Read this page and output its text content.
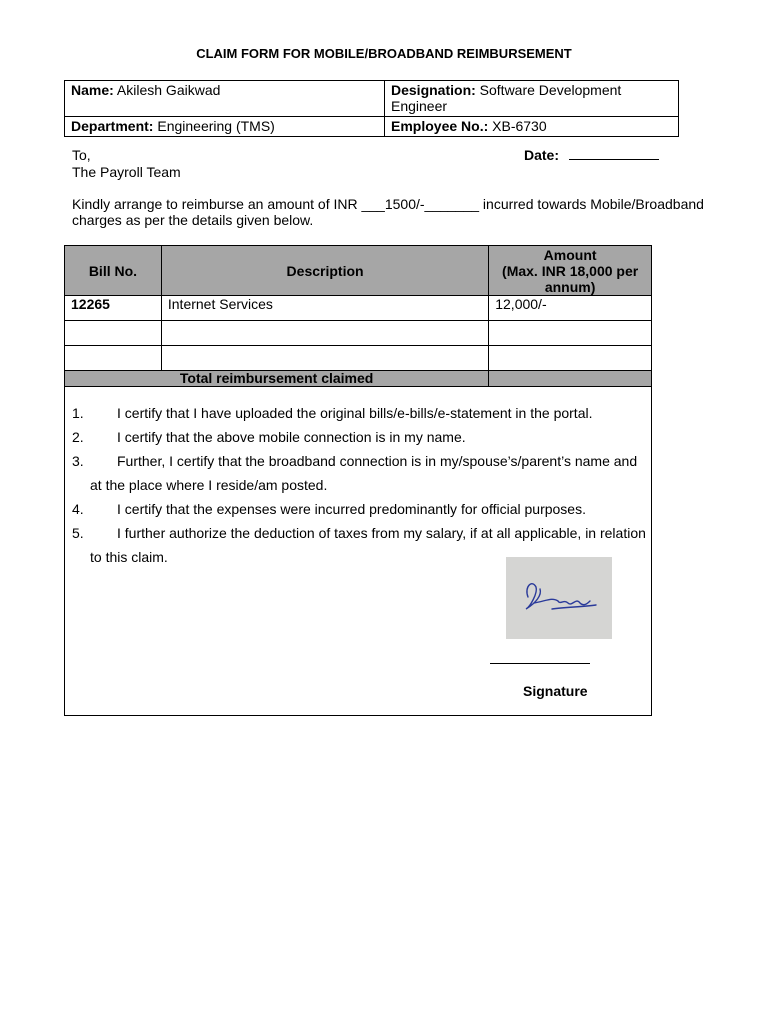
CLAIM FORM FOR MOBILE/BROADBAND REIMBURSEMENT
Name: Akilesh Gaikwad	Designation: Software Development Engineer
Department: Engineering (TMS)	Employee No.: XB-6730
To,
The Payroll Team
Date:
Kindly arrange to reimburse an amount of INR ___1500/-_______ incurred towards Mobile/Broadband charges as per the details given below.
Bill No.	Description	Amount
(Max. INR 18,000 per annum)

12265	Internet Services	12,000/-

Total reimbursement claimed		
1.	I certify that I have uploaded the original bills/e-bills/e-statement in the portal.
2.	I certify that the above mobile connection is in my name.
3.	Further, I certify that the broadband connection is in my/spouse’s/parent’s name and
at the place where I reside/am posted.
4.	I certify that the expenses were incurred predominantly for official purposes.
5.	I further authorize the deduction of taxes from my salary, if at all applicable, in relation
to this claim.
Signature
